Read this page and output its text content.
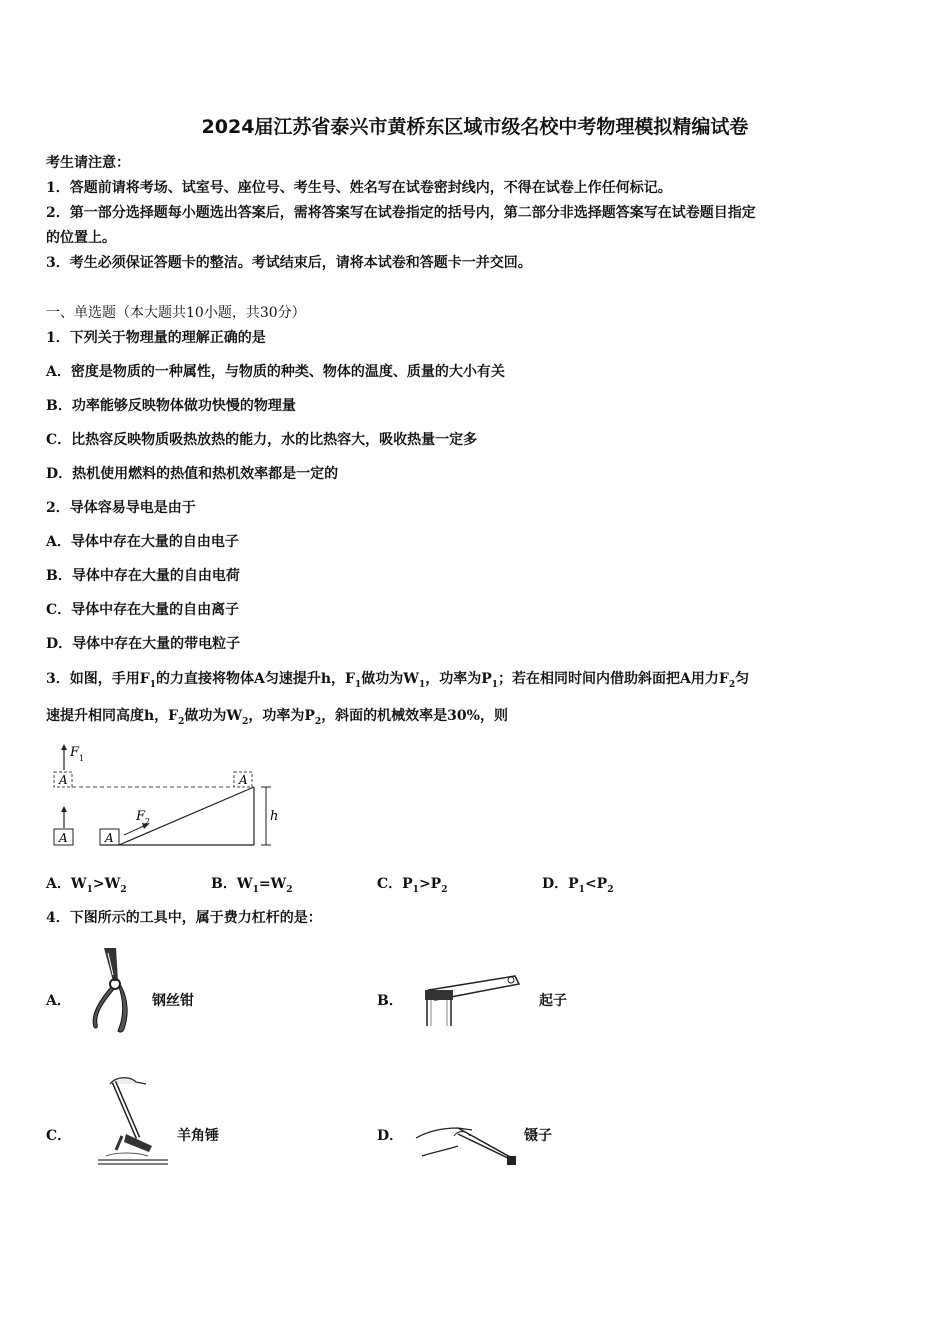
2024届江苏省泰兴市黄桥东区域市级名校中考物理模拟精编试卷
考生请注意：
1．答题前请将考场、试室号、座位号、考生号、姓名写在试卷密封线内，不得在试卷上作任何标记。
2．第一部分选择题每小题选出答案后，需将答案写在试卷指定的括号内，第二部分非选择题答案写在试卷题目指定
的位置上。
3．考生必须保证答题卡的整洁。考试结束后，请将本试卷和答题卡一并交回。
一、单选题（本大题共10小题，共30分）
1．下列关于物理量的理解正确的是
A．密度是物质的一种属性，与物质的种类、物体的温度、质量的大小有关
B．功率能够反映物体做功快慢的物理量
C．比热容反映物质吸热放热的能力，水的比热容大，吸收热量一定多
D．热机使用燃料的热值和热机效率都是一定的
2．导体容易导电是由于
A．导体中存在大量的自由电子
B．导体中存在大量的自由电荷
C．导体中存在大量的自由离子
D．导体中存在大量的带电粒子
3．如图，手用$F_1$的力直接将物体A匀速提升h，$F_1$做功为$W_1$，功率为$P_1$；若在相同时间内借助斜面把A用力$F_2$匀
速提升相同高度h，$F_2$做功为$W_2$，功率为$P_2$，斜面的机械效率是30%，则
F 1
A	A
A	A
F 2	h
A．$W_1>W_2$	B．$W_1=W_2$	C．$P_1>P_2$	D．$P_1<P_2$
4．下图所示的工具中，属于费力杠杆的是：
A．	钢丝钳	B．	起子
C．	羊角锤	D．	镊子
